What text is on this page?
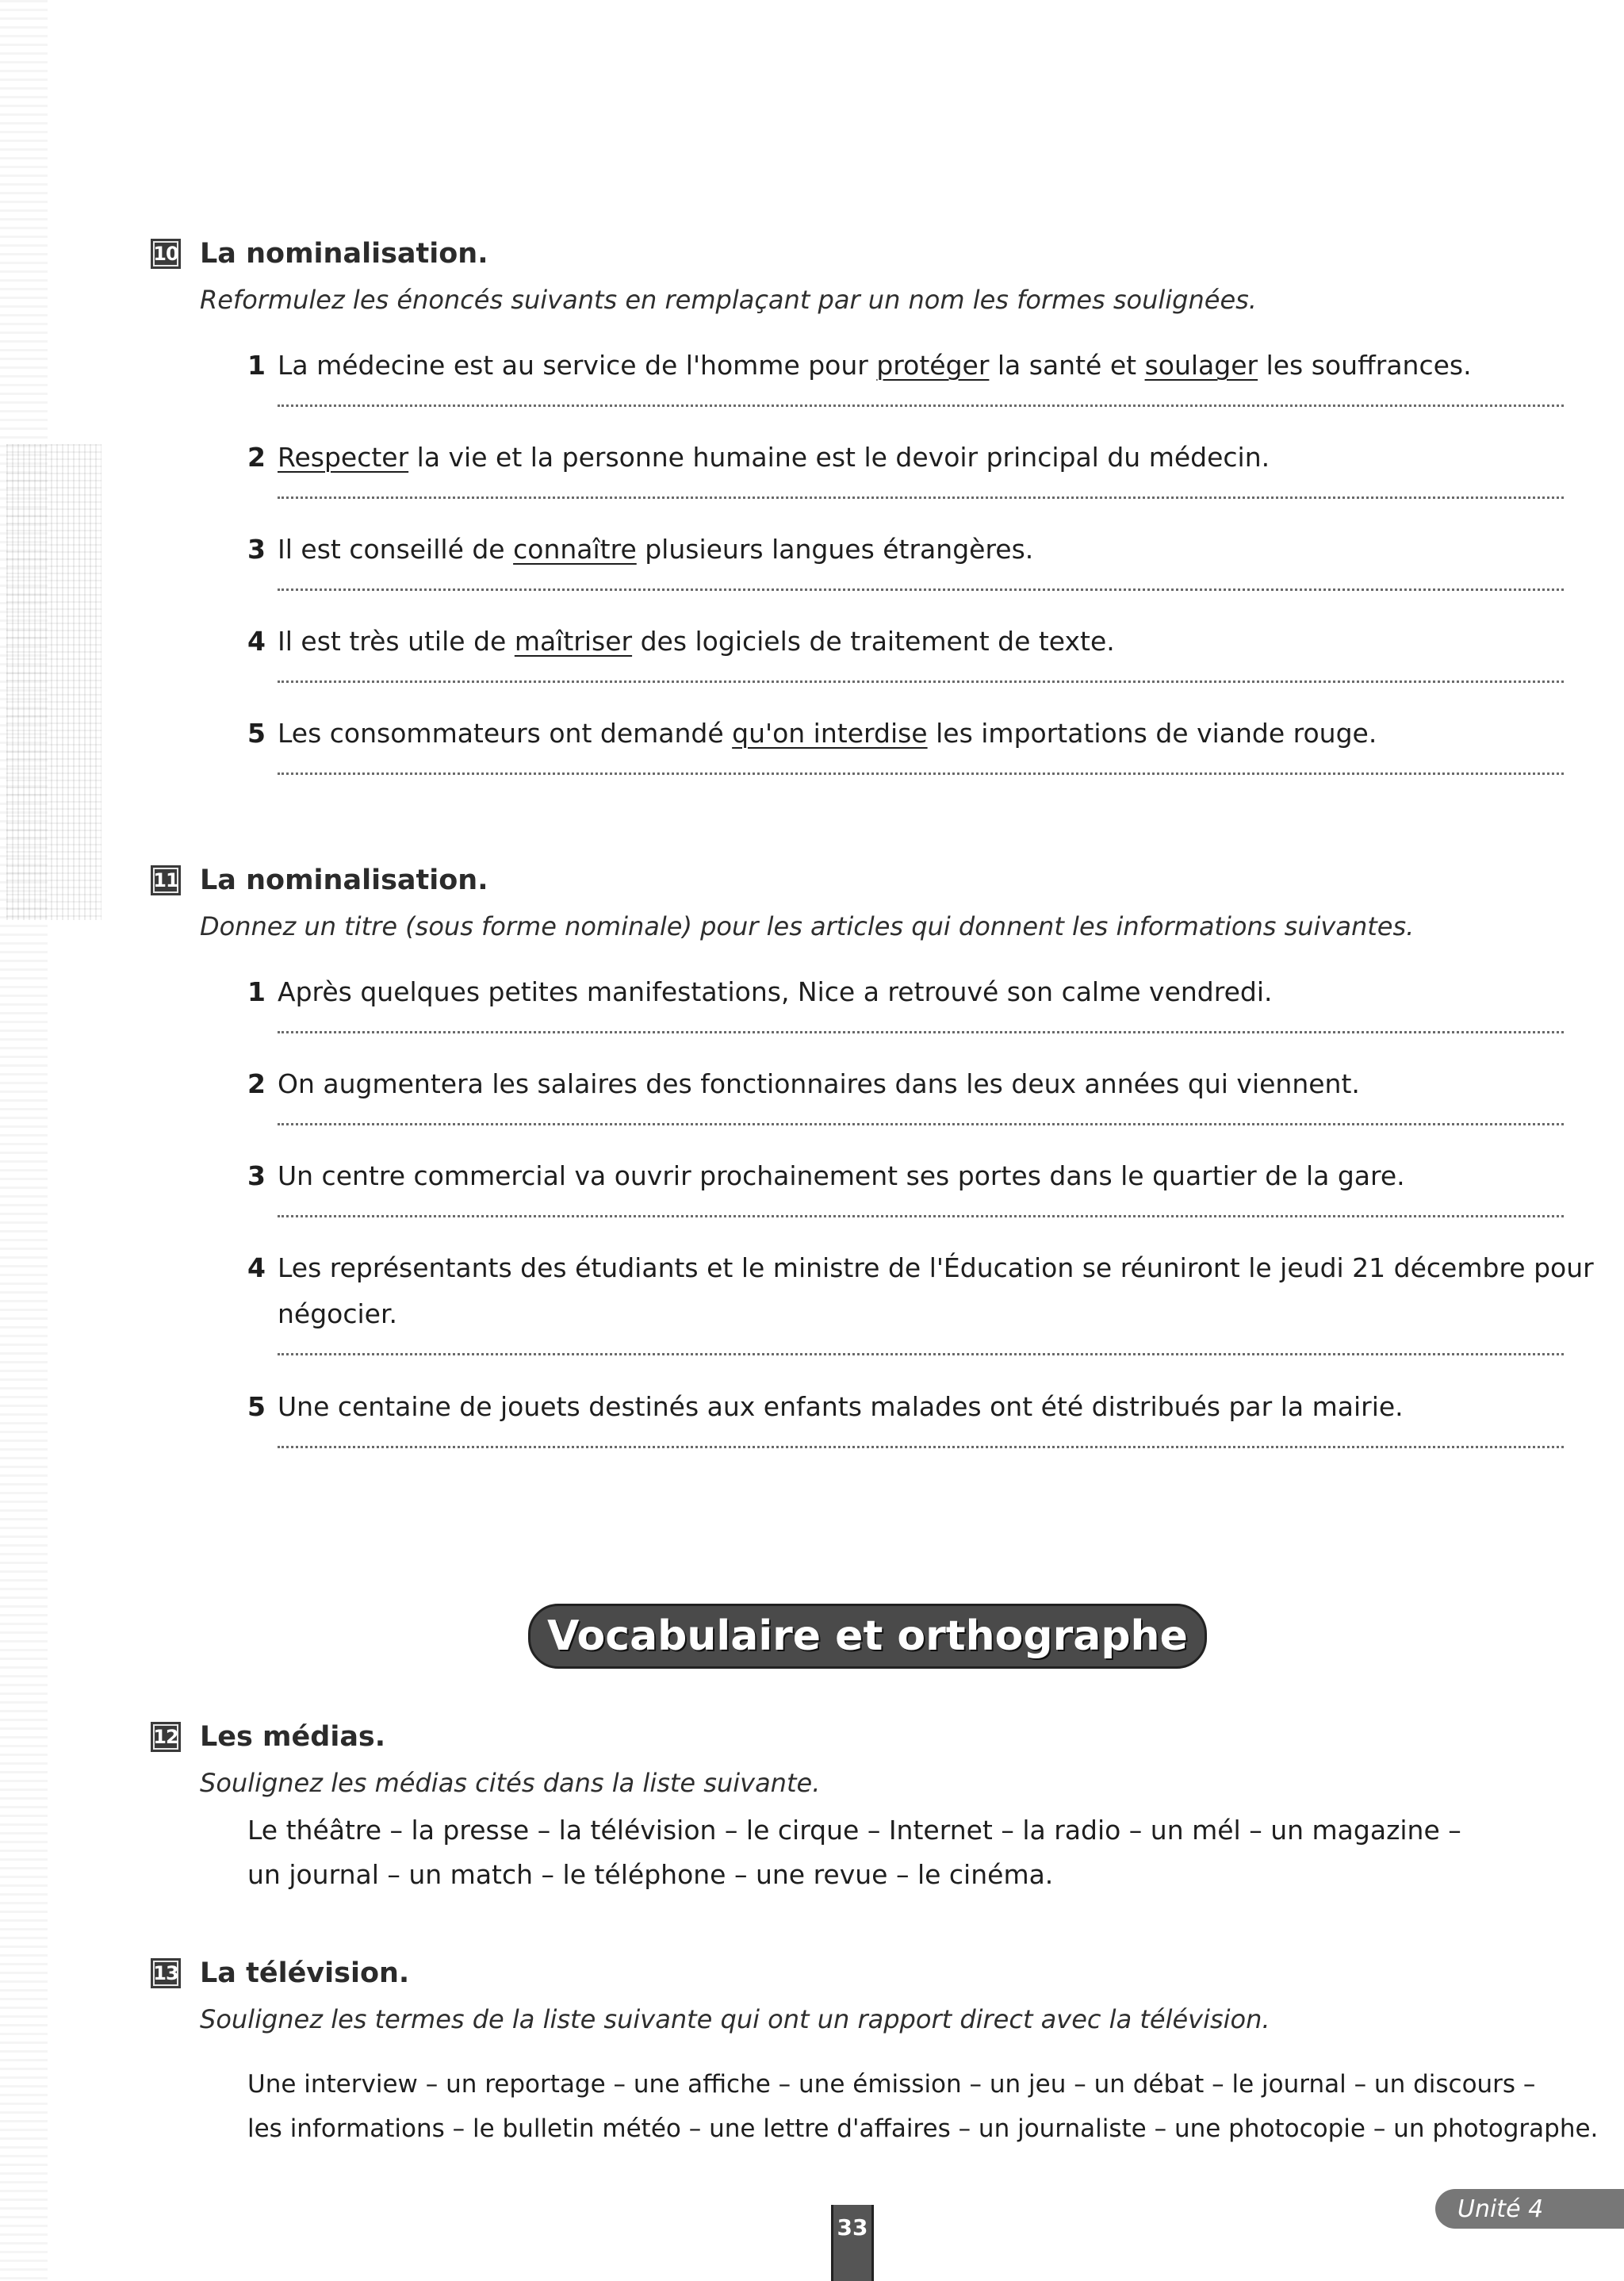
10 La nominalisation.
Reformulez les énoncés suivants en remplaçant par un nom les formes soulignées.
1 La médecine est au service de l'homme pour protéger la santé et soulager les souffrances.
2 Respecter la vie et la personne humaine est le devoir principal du médecin.
3 Il est conseillé de connaître plusieurs langues étrangères.
4 Il est très utile de maîtriser des logiciels de traitement de texte.
5 Les consommateurs ont demandé qu'on interdise les importations de viande rouge.
11 La nominalisation.
Donnez un titre (sous forme nominale) pour les articles qui donnent les informations suivantes.
1 Après quelques petites manifestations, Nice a retrouvé son calme vendredi.
2 On augmentera les salaires des fonctionnaires dans les deux années qui viennent.
3 Un centre commercial va ouvrir prochainement ses portes dans le quartier de la gare.
4 Les représentants des étudiants et le ministre de l'Éducation se réuniront le jeudi 21 décembre pour
négocier.
5 Une centaine de jouets destinés aux enfants malades ont été distribués par la mairie.
Vocabulaire et orthographe
12 Les médias.
Soulignez les médias cités dans la liste suivante.
Le théâtre – la presse – la télévision – le cirque – Internet – la radio – un mél – un magazine –
un journal – un match – le téléphone – une revue – le cinéma.
13 La télévision.
Soulignez les termes de la liste suivante qui ont un rapport direct avec la télévision.
Une interview – un reportage – une affiche – une émission – un jeu – un débat – le journal – un discours –
les informations – le bulletin météo – une lettre d'affaires – un journaliste – une photocopie – un photographe.
33
Unité 4
